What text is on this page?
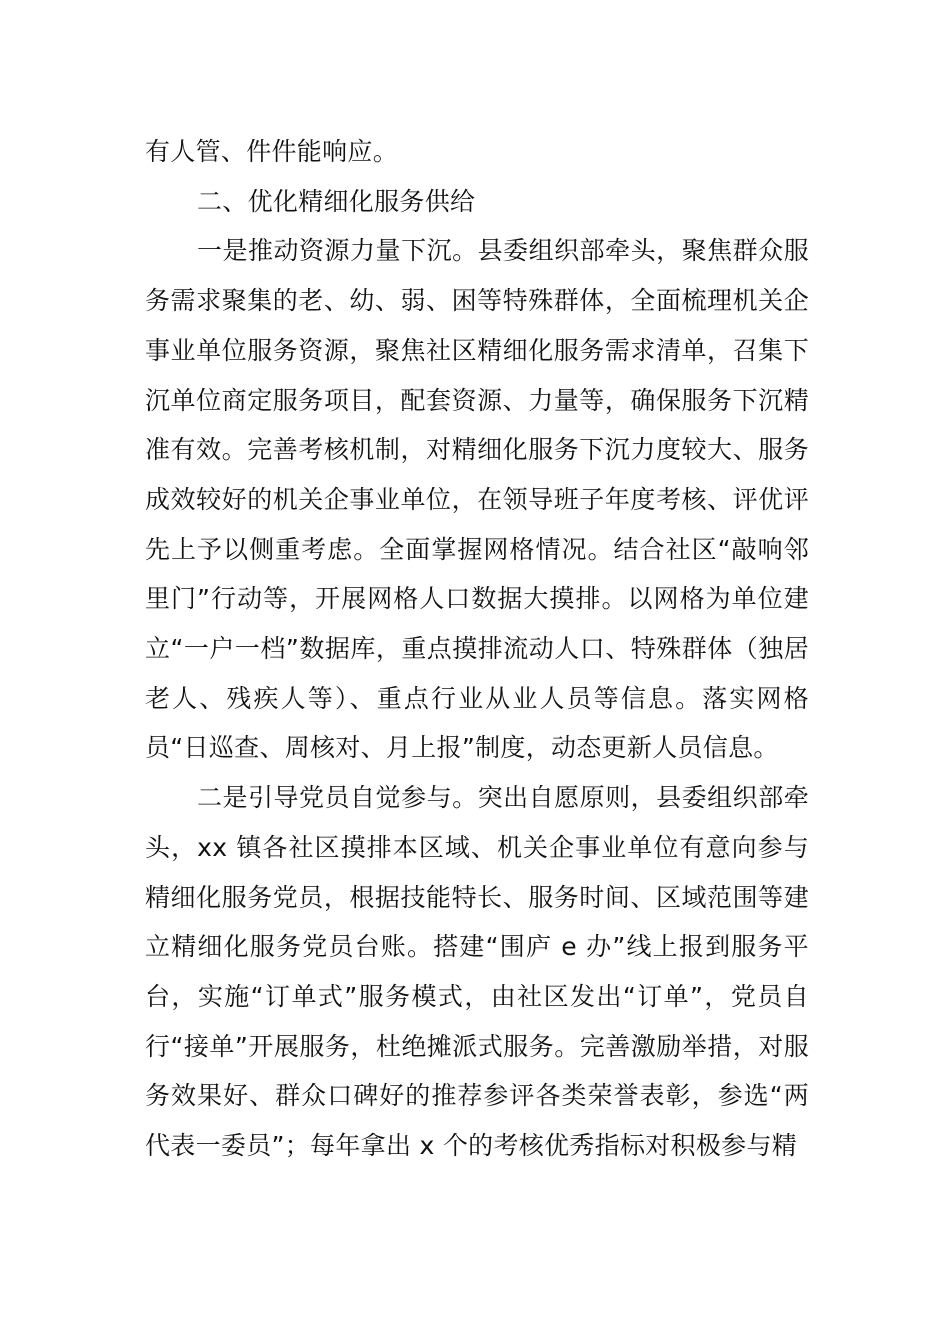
有人管、件件能响应。

二、优化精细化服务供给

一是推动资源力量下沉。县委组织部牵头，聚焦群众服务需求聚集的老、幼、弱、困等特殊群体，全面梳理机关企事业单位服务资源，聚焦社区精细化服务需求清单，召集下沉单位商定服务项目，配套资源、力量等，确保服务下沉精准有效。完善考核机制，对精细化服务下沉力度较大、服务成效较好的机关企事业单位，在领导班子年度考核、评优评先上予以侧重考虑。全面掌握网格情况。结合社区“敲响邻里门”行动等，开展网格人口数据大摸排。以网格为单位建立“一户一档”数据库，重点摸排流动人口、特殊群体（独居老人、残疾人等）、重点行业从业人员等信息。落实网格员“日巡查、周核对、月上报”制度，动态更新人员信息。

二是引导党员自觉参与。突出自愿原则，县委组织部牵头，xx 镇各社区摸排本区域、机关企事业单位有意向参与精细化服务党员，根据技能特长、服务时间、区域范围等建立精细化服务党员台账。搭建“围庐 e 办”线上报到服务平台，实施“订单式”服务模式，由社区发出“订单”，党员自行“接单”开展服务，杜绝摊派式服务。完善激励举措，对服务效果好、群众口碑好的推荐参评各类荣誉表彰，参选“两代表一委员”；每年拿出 x 个的考核优秀指标对积极参与精
